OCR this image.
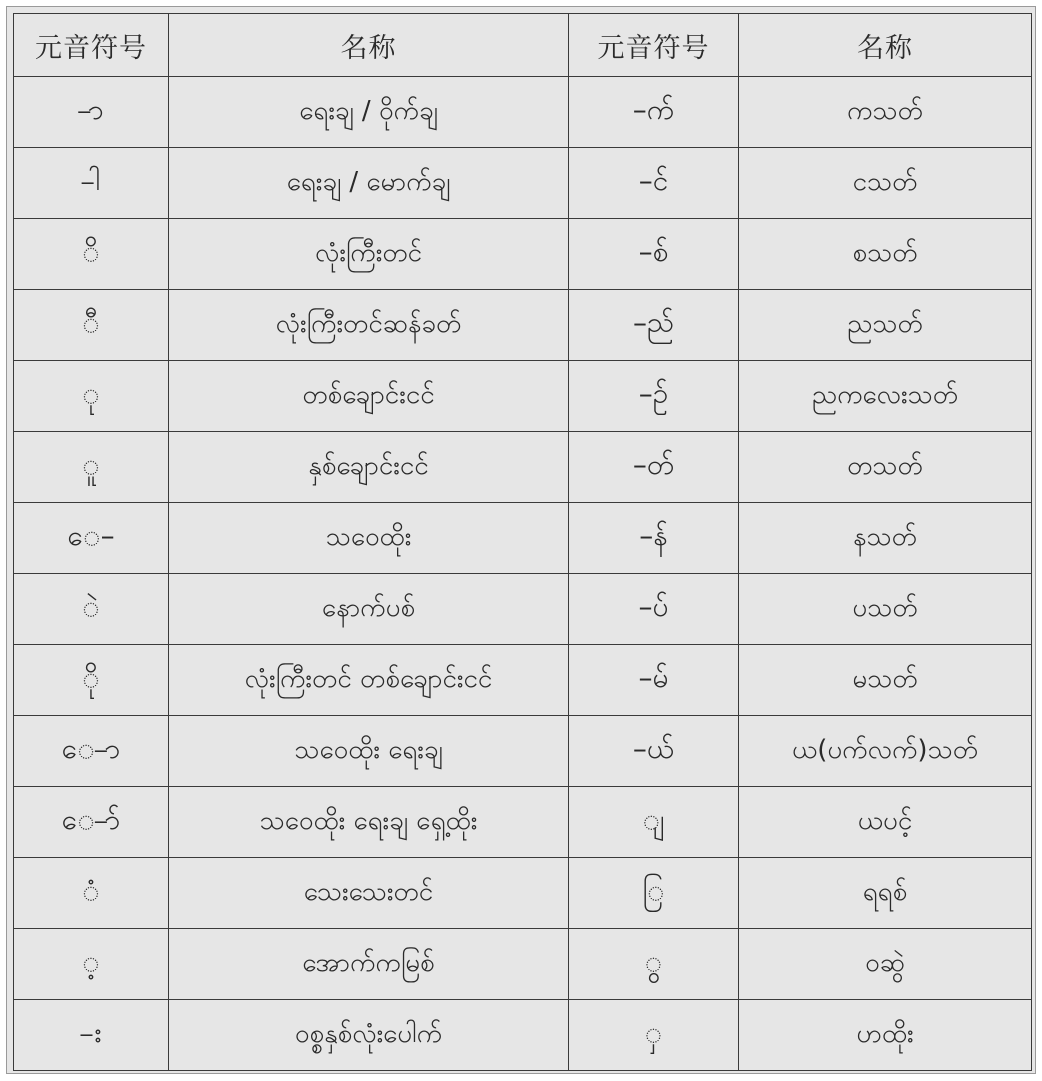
元音符号	名称	元音符号	名称
–ာ	ရေးချ / ဝိုက်ချ	–က်	ကသတ်
–ါ	ရေးချ / မောက်ချ	–င်	ငသတ်
ိ	လုံးကြီးတင်	–စ်	စသတ်
ီ	လုံးကြီးတင်ဆန်ခတ်	–ည်	ညသတ်
ု	တစ်ချောင်းငင်	–ဉ်	ညကလေးသတ်
ူ	နှစ်ချောင်းငင်	–တ်	တသတ်
ေ–	သဝေထိုး	–န်	နသတ်
ဲ	နောက်ပစ်	–ပ်	ပသတ်
ို	လုံးကြီးတင် တစ်ချောင်းငင်	–မ်	မသတ်
ေ–ာ	သဝေထိုး ရေးချ	–ယ်	ယ(ပက်လက်)သတ်
ေ–ာ်	သဝေထိုး ရေးချ ရှေ့ထိုး	ျ	ယပင့်
ံ	သေးသေးတင်	ြ	ရရစ်
့	အောက်ကမြစ်	ွ	ဝဆွဲ
–း	ဝစ္စနှစ်လုံးပေါက်	ှ	ဟထိုး
